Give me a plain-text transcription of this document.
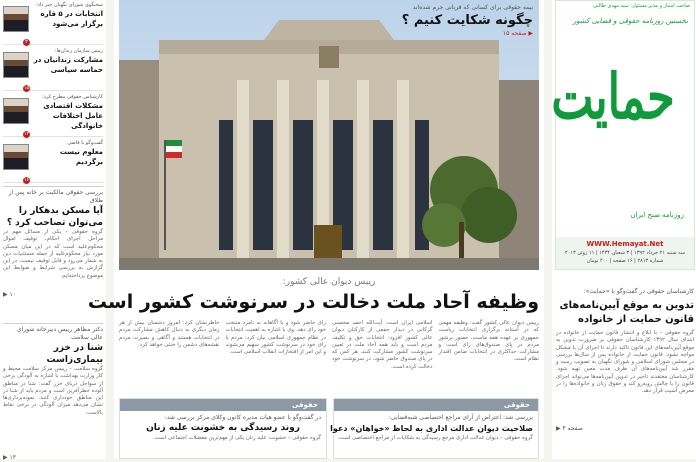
سخنگوی شورای نگهبان خبر داد:
انتخابات در ۵ قاره برگزار می‌شود
۳
رییس سازمان زندان‌ها:
مشارکت زندانیان در حماسه سیاسی
۱۵
کارشناس حقوقی مطرح کرد:
مشکلات اقتصادی عامل اختلافات خانوادگی
۱۴
گفت‌وگو با قاضی
معلوم نیست برگردیم
۱۶
بررسی حقوقی مالکیت بر خانه پس از طلاق
آیا مسکن بدهکار را می‌توان تصاحب کرد ؟
گروه حقوقی – یکی از مسائل مهم در مراحل اجرای احکام، توقیف اموال محکوم‌علیه است که در این میان مسکن مورد نیاز محکوم‌علیه از جمله مستثنیات دین به شمار می‌رود و قابل توقیف نیست. در این گزارش به بررسی شرایط و ضوابط این موضوع پرداخته‌ایم.
۱۰ ▶
دکتر مظاهر رییس دبیرخانه شورای عالی سلامت
شنا در خزر بیماری‌زاست
گروه سلامت – رییس مرکز سلامت محیط و کار وزارت بهداشت با اشاره به آلودگی برخی از سواحل دریای خزر گفت: شنا در مناطق آلوده خطرآفرین است و مردم باید از شنا در این مناطق خودداری کنند. نمونه‌برداری‌ها نشان می‌دهد میزان آلودگی در برخی نقاط بالاست.
۱۳ ▶
بیمه حقوقی برای کسانی که قربانی جرم شده‌اند
چگونه شکایت کنیم ؟
▶ صفحه ۱۵
رییس دیوان عالی کشور:
وظیفه آحاد ملت دخالت در سرنوشت کشور است
رییس دیوان عالی کشور گفت: وظیفه مهمی که در آستانه برگزاری انتخابات ریاست جمهوری بر عهده همه ماست، حضور پرشور مردم در پای صندوق‌های رای است و مشارکت حداکثری در انتخابات ضامن اقتدار نظام است.
اسلامی ایران است. آیت‌الله احمد محسنی گرکانی در دیدار جمعی از کارکنان دیوان عالی کشور افزود: انتخابات حق و تکلیف مردم است و باید همه آحاد ملت در تعیین سرنوشت کشور مشارکت کنند. هر کس که در پای صندوق حاضر شود، در سرنوشت خود دخالت کرده است.
رای حاضر شود و با آگاهانه به نامزد منتخب خود رای دهد. وی با اشاره به اهمیت انتخابات در نظام جمهوری اسلامی بیان کرد: مردم با رای خود در سرنوشت کشور سهیم می‌شوند و این امر از افتخارات انقلاب اسلامی است.
خاطرنشان کرد: امروز دشمنان بیش از هر زمان دیگری به دنبال کاهش مشارکت مردم در انتخابات هستند و آگاهی و بصیرت مردم نقشه‌های دشمن را خنثی خواهد کرد.
حقوقی
در گفت‌وگو با عضو هیات مدیره کانون وکلای مرکز بررسی شد:
روند رسیدگی به خشونت علیه زنان
گروه حقوقی – خشونت علیه زنان یکی از مهم‌ترین معضلات اجتماعی است.
حقوقی
بررسی شد: اعتراض از آرای مراجع اختصاصی شبه‌قضایی:
صلاحیت دیوان عدالت اداری به لحاظ «خواهان» دعوا
گروه حقوقی – دیوان عدالت اداری مرجع رسیدگی به شکایات از مراجع اختصاصی است.
صاحب امتیاز و مدیر مسئول: سید مهدی طالبی
نخستین روزنامه حقوقی و قضایی کشور
حمایت
روزنامه صبح ایران
WWW.Hemayat.Net
سه شنبه ۲۱ خرداد ۱۳۹۲ | ۳ شعبان ۱۴۳۴ | ۱۱ ژوئن ۲۰۱۳
شماره ۲۸۱۳ | ۱۶ صفحه | ۴۰۰ تومان
کارشناسان حقوقی در گفت‌وگو با «حمایت»:
تدوین به موقع آیین‌نامه‌های قانون حمایت از خانواده
گروه حقوقی – با ابلاغ و انتشار قانون حمایت از خانواده در ابتدای سال ۱۳۹۲ کارشناسان حقوقی بر ضرورت تدوین به موقع آیین‌نامه‌های این قانون تاکید دارند تا اجرای آن با مشکل مواجه نشود. قانون حمایت از خانواده پس از سال‌ها بررسی در مجلس شورای اسلامی و شورای نگهبان به تصویب رسید و مقرر شد آیین‌نامه‌های آن ظرف مدت معین تهیه شود. کارشناسان معتقدند تاخیر در تدوین آیین‌نامه‌ها می‌تواند اجرای قانون را با چالش روبه‌رو کند و حقوق زنان و خانواده‌ها را در معرض آسیب قرار دهد.
صفحه ۴ ▶
